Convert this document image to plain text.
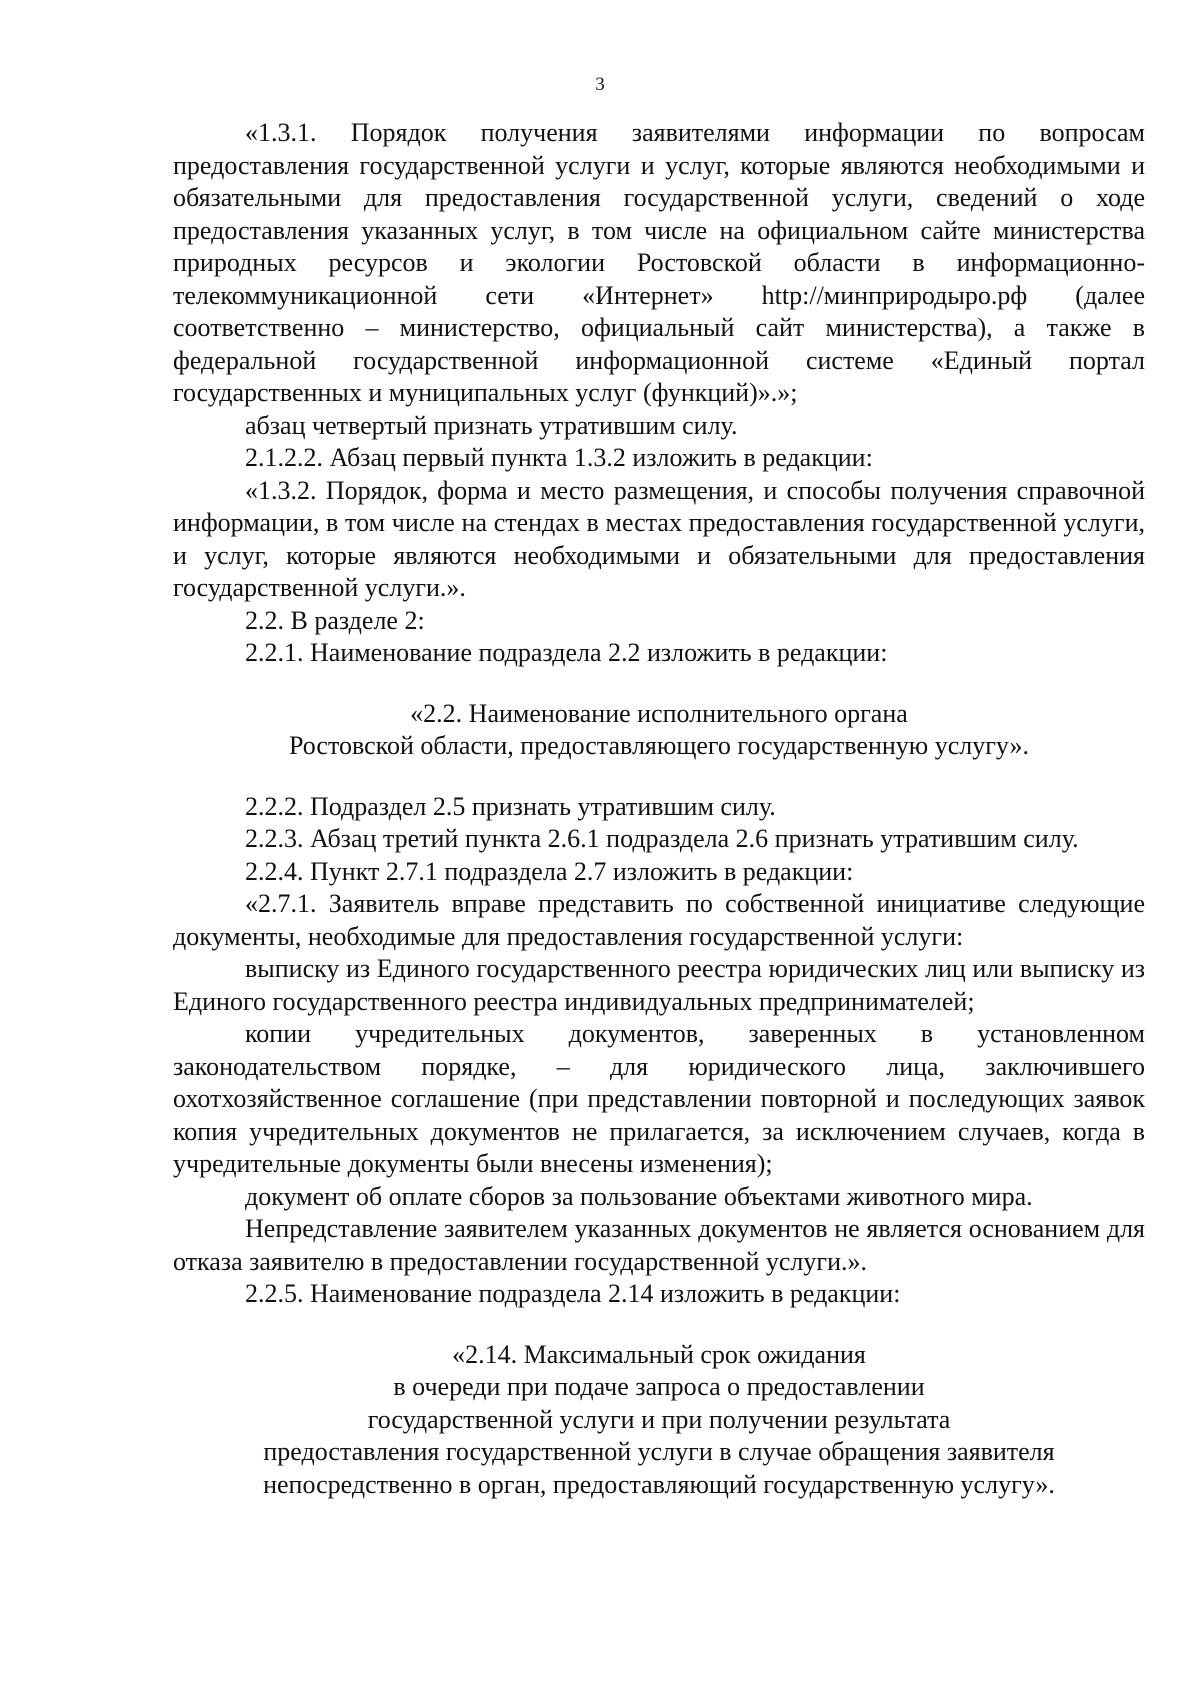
3

«1.3.1. Порядок получения заявителями информации по вопросам предоставления государственной услуги и услуг, которые являются необходимыми и обязательными для предоставления государственной услуги, сведений о ходе предоставления указанных услуг, в том числе на официальном сайте министерства природных ресурсов и экологии Ростовской области в информационно-телекоммуникационной сети «Интернет» http://минприродыро.рф (далее соответственно – министерство, официальный сайт министерства), а также в федеральной государственной информационной системе «Единый портал государственных и муниципальных услуг (функций)».»;

абзац четвертый признать утратившим силу.

2.1.2.2. Абзац первый пункта 1.3.2 изложить в редакции:

«1.3.2. Порядок, форма и место размещения, и способы получения справочной информации, в том числе на стендах в местах предоставления государственной услуги, и услуг, которые являются необходимыми и обязательными для предоставления государственной услуги.».

2.2. В разделе 2:

2.2.1. Наименование подраздела 2.2 изложить в редакции:

«2.2. Наименование исполнительного органа

Ростовской области, предоставляющего государственную услугу».

2.2.2. Подраздел 2.5 признать утратившим силу.

2.2.3. Абзац третий пункта 2.6.1 подраздела 2.6 признать утратившим силу.

2.2.4. Пункт 2.7.1 подраздела 2.7 изложить в редакции:

«2.7.1. Заявитель вправе представить по собственной инициативе следующие документы, необходимые для предоставления государственной услуги:

выписку из Единого государственного реестра юридических лиц или выписку из Единого государственного реестра индивидуальных предпринимателей;

копии учредительных документов, заверенных в установленном законодательством порядке, – для юридического лица, заключившего охотхозяйственное соглашение (при представлении повторной и последующих заявок копия учредительных документов не прилагается, за исключением случаев, когда в учредительные документы были внесены изменения);

документ об оплате сборов за пользование объектами животного мира.

Непредставление заявителем указанных документов не является основанием для отказа заявителю в предоставлении государственной услуги.».

2.2.5. Наименование подраздела 2.14 изложить в редакции:

«2.14. Максимальный срок ожидания

в очереди при подаче запроса о предоставлении

государственной услуги и при получении результата

предоставления государственной услуги в случае обращения заявителя

непосредственно в орган, предоставляющий государственную услугу».
